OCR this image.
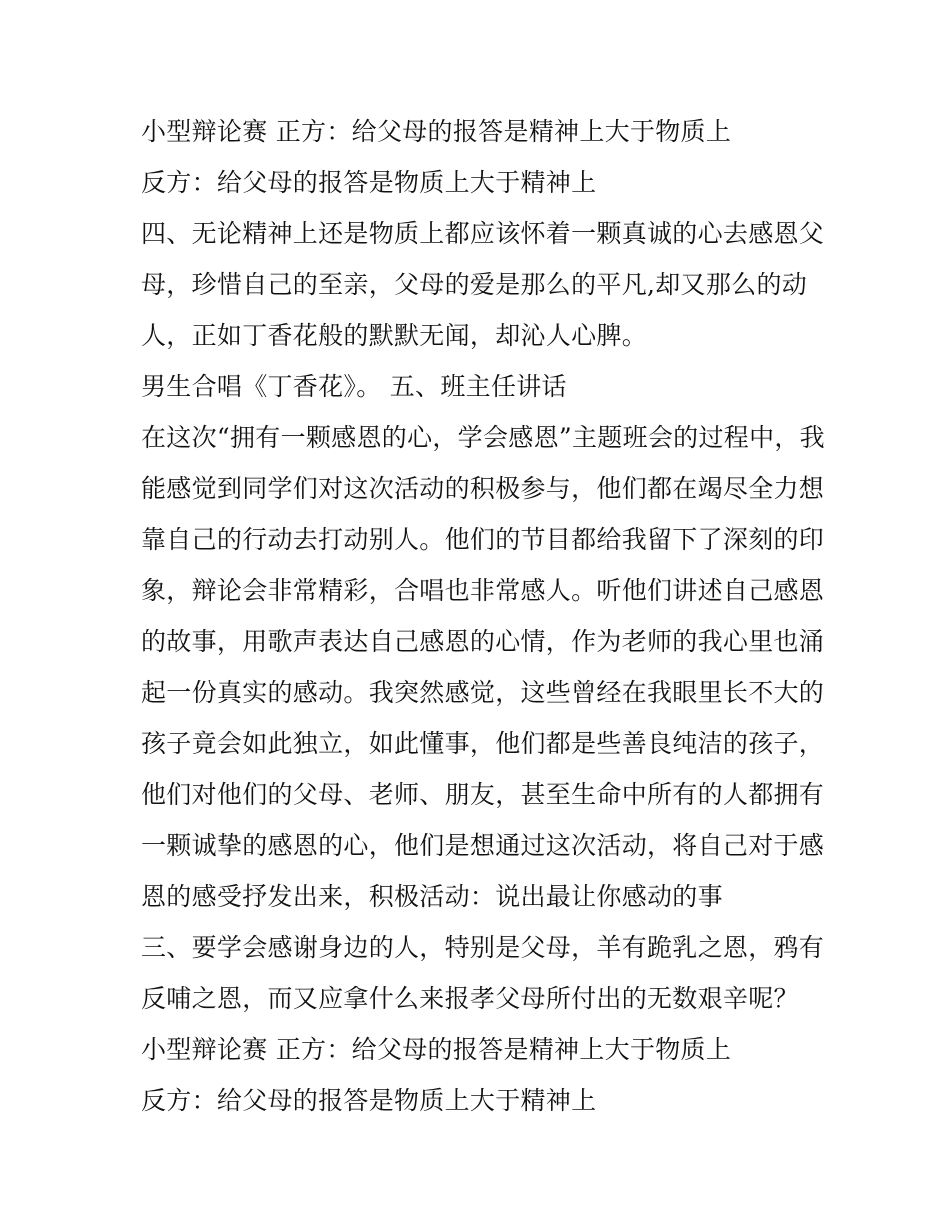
小型辩论赛 正方：给父母的报答是精神上大于物质上
反方：给父母的报答是物质上大于精神上
四、无论精神上还是物质上都应该怀着一颗真诚的心去感恩父
母，珍惜自己的至亲，父母的爱是那么的平凡,却又那么的动
人，正如丁香花般的默默无闻，却沁人心脾。
男生合唱《丁香花》。 五、班主任讲话
在这次“拥有一颗感恩的心，学会感恩”主题班会的过程中，我
能感觉到同学们对这次活动的积极参与，他们都在竭尽全力想
靠自己的行动去打动别人。他们的节目都给我留下了深刻的印
象，辩论会非常精彩，合唱也非常感人。听他们讲述自己感恩
的故事，用歌声表达自己感恩的心情，作为老师的我心里也涌
起一份真实的感动。我突然感觉，这些曾经在我眼里长不大的
孩子竟会如此独立，如此懂事，他们都是些善良纯洁的孩子，
他们对他们的父母、老师、朋友，甚至生命中所有的人都拥有
一颗诚挚的感恩的心，他们是想通过这次活动，将自己对于感
恩的感受抒发出来，积极活动：说出最让你感动的事
三、要学会感谢身边的人，特别是父母，羊有跪乳之恩，鸦有
反哺之恩，而又应拿什么来报孝父母所付出的无数艰辛呢？
小型辩论赛 正方：给父母的报答是精神上大于物质上
反方：给父母的报答是物质上大于精神上
